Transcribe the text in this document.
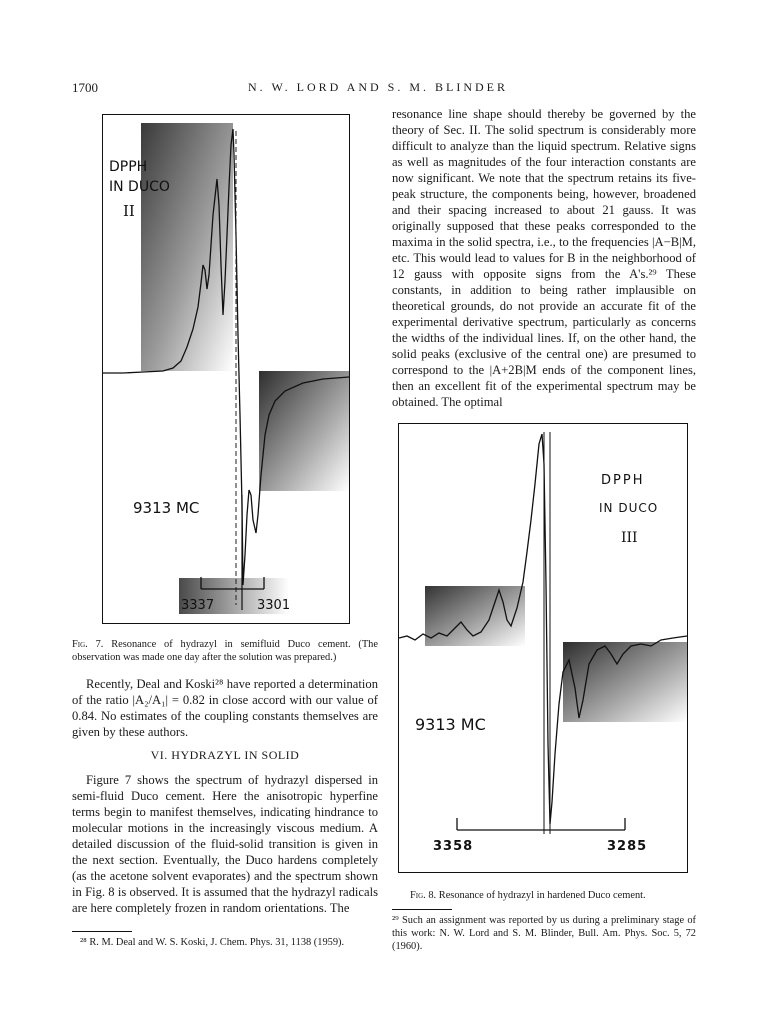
1700	N. W. LORD AND S. M. BLINDER

resonance line shape should thereby be governed by the theory of Sec. II. The solid spectrum is considerably more difficult to analyze than the liquid spectrum. Relative signs as well as magnitudes of the four interaction constants are now significant. We note that the spectrum retains its five-peak structure, the components being, however, broadened and their spacing increased to about 21 gauss. It was originally supposed that these peaks corresponded to the maxima in the solid spectra, i.e., to the frequencies |A−B|M, etc. This would lead to values for B in the neighborhood of 12 gauss with opposite signs from the A's.²⁹ These constants, in addition to being rather implausible on theoretical grounds, do not provide an accurate fit of the experimental derivative spectrum, particularly as concerns the widths of the individual lines. If, on the other hand, the solid peaks (exclusive of the central one) are presumed to correspond to the |A+2B|M ends of the component lines, then an excellent fit of the experimental spectrum may be obtained. The optimal

DPPH
IN DUCO
II
9313 MC
3337	3301
Fig. 7. Resonance of hydrazyl in semifluid Duco cement. (The observation was made one day after the solution was prepared.)

Recently, Deal and Koski²⁸ have reported a determination of the ratio |A₂/A₁| = 0.82 in close accord with our value of 0.84. No estimates of the coupling constants themselves are given by these authors.

VI. HYDRAZYL IN SOLID

Figure 7 shows the spectrum of hydrazyl dispersed in semi-fluid Duco cement. Here the anisotropic hyperfine terms begin to manifest themselves, indicating hindrance to molecular motions in the increasingly viscous medium. A detailed discussion of the fluid-solid transition is given in the next section. Eventually, the Duco hardens completely (as the acetone solvent evaporates) and the spectrum shown in Fig. 8 is observed. It is assumed that the hydrazyl radicals are here completely frozen in random orientations. The

²⁸ R. M. Deal and W. S. Koski, J. Chem. Phys. 31, 1138 (1959).
DPPH
IN DUCO
III
9313 MC
3358	3285
Fig. 8. Resonance of hydrazyl in hardened Duco cement.
²⁹ Such an assignment was reported by us during a preliminary stage of this work: N. W. Lord and S. M. Blinder, Bull. Am. Phys. Soc. 5, 72 (1960).
